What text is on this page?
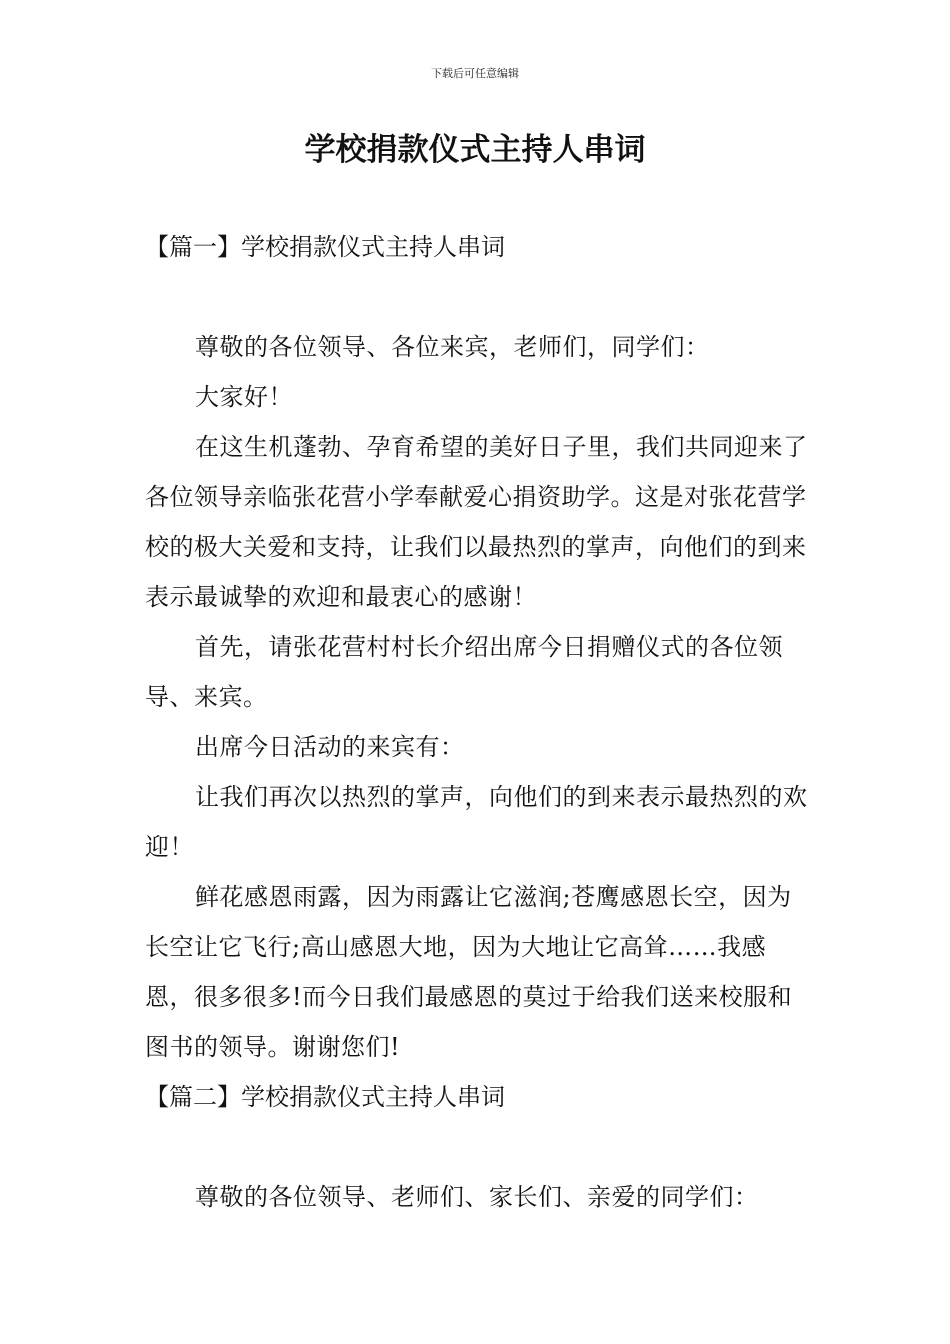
下载后可任意编辑
学校捐款仪式主持人串词
【篇一】学校捐款仪式主持人串词

尊敬的各位领导、各位来宾，老师们，同学们：

大家好！

在这生机蓬勃、孕育希望的美好日子里，我们共同迎来了各位领导亲临张花营小学奉献爱心捐资助学。这是对张花营学校的极大关爱和支持，让我们以最热烈的掌声，向他们的到来表示最诚挚的欢迎和最衷心的感谢！

首先，请张花营村村长介绍出席今日捐赠仪式的各位领导、来宾。

出席今日活动的来宾有：

让我们再次以热烈的掌声，向他们的到来表示最热烈的欢迎！

鲜花感恩雨露，因为雨露让它滋润;苍鹰感恩长空，因为长空让它飞行;高山感恩大地，因为大地让它高耸……我感恩，很多很多!而今日我们最感恩的莫过于给我们送来校服和图书的领导。谢谢您们!

【篇二】学校捐款仪式主持人串词

尊敬的各位领导、老师们、家长们、亲爱的同学们：
